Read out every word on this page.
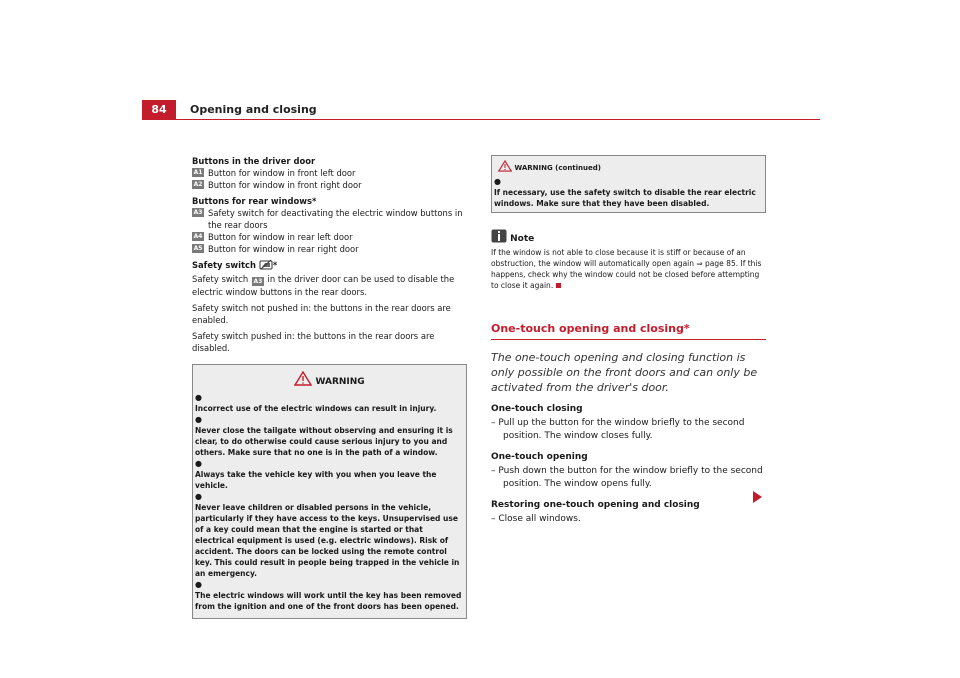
84	Opening and closing

Buttons in the driver door

A1 Button for window in front left door
A2 Button for window in front right door

Buttons for rear windows*

A3 Safety switch for deactivating the electric window buttons in the rear doors
A4 Button for window in rear left door
A5 Button for window in rear right door

Safety switch *

Safety switch A3 in the driver door can be used to disable the electric window buttons in the rear doors.

Safety switch not pushed in: the buttons in the rear doors are enabled.

Safety switch pushed in: the buttons in the rear doors are disabled.

WARNING
●
Incorrect use of the electric windows can result in injury.
●
Never close the tailgate without observing and ensuring it is clear, to do otherwise could cause serious injury to you and others. Make sure that no one is in the path of a window.
●
Always take the vehicle key with you when you leave the vehicle.
●
Never leave children or disabled persons in the vehicle, particularly if they have access to the keys. Unsupervised use of a key could mean that the engine is started or that electrical equipment is used (e.g. electric windows). Risk of accident. The doors can be locked using the remote control key. This could result in people being trapped in the vehicle in an emergency.
●
The electric windows will work until the key has been removed from the ignition and one of the front doors has been opened.
WARNING (continued)
●
If necessary, use the safety switch to disable the rear electric windows. Make sure that they have been disabled.
Note

If the window is not able to close because it is stiff or because of an obstruction, the window will automatically open again ⇒ page 85. If this happens, check why the window could not be closed before attempting to close it again.

One-touch opening and closing*

The one-touch opening and closing function is only possible on the front doors and can only be activated from the driver's door.

One-touch closing

– Pull up the button for the window briefly to the second position. The window closes fully.

One-touch opening

– Push down the button for the window briefly to the second position. The window opens fully.

Restoring one-touch opening and closing

– Close all windows.
